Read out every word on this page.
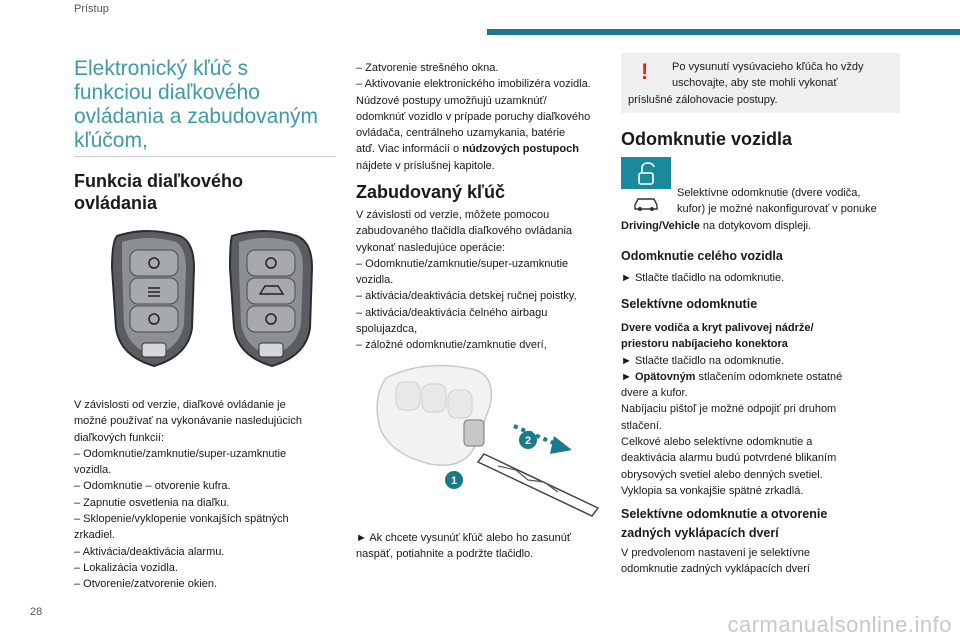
Prístup
Elektronický kľúč s
funkciou diaľkového
ovládania a zabudovaným
kľúčom,
Funkcia diaľkového
ovládania
V závislosti od verzie, diaľkové ovládanie je
možné používať na vykonávanie nasledujúcich
diaľkových funkcií:
– Odomknutie/zamknutie/super-uzamknutie
vozidla.
– Odomknutie – otvorenie kufra.
– Zapnutie osvetlenia na diaľku.
– Sklopenie/vyklopenie vonkajších spätných
zrkadiel.
– Aktivácia/deaktivácia alarmu.
– Lokalizácia vozidla.
– Otvorenie/zatvorenie okien.
– Zatvorenie strešného okna.
– Aktivovanie elektronického imobilizéra vozidla.
Núdzové postupy umožňujú uzamknúť/
odomknúť vozidlo v prípade poruchy diaľkového
ovládača, centrálneho uzamykania, batérie
atď. Viac informácií o núdzových postupoch
nájdete v príslušnej kapitole.
Zabudovaný kľúč
V závislosti od verzie, môžete pomocou
zabudovaného tlačidla diaľkového ovládania
vykonať nasledujúce operácie:
– Odomknutie/zamknutie/super-uzamknutie
vozidla.
– aktivácia/deaktivácia detskej ručnej poistky,
– aktivácia/deaktivácia čelného airbagu
spolujazdca,
– záložné odomknutie/zamknutie dverí,
2
1
► Ak chcete vysunúť kľúč alebo ho zasunúť
naspäť, potiahnite a podržte tlačidlo.
!	Po vysunutí vysúvacieho kľúča ho vždy
uschovajte, aby ste mohli vykonať
príslušné zálohovacie postupy.
Odomknutie vozidla
Selektívne odomknutie (dvere vodiča,
kufor) je možné nakonfigurovať v ponuke
Driving/Vehicle na dotykovom displeji.
Odomknutie celého vozidla
► Stlačte tlačidlo na odomknutie.
Selektívne odomknutie
Dvere vodiča a kryt palivovej nádrže/
priestoru nabíjacieho konektora
► Stlačte tlačidlo na odomknutie.
► Opätovným stlačením odomknete ostatné
dvere a kufor.
Nabíjaciu pištoľ je možné odpojiť pri druhom
stlačení.
Celkové alebo selektívne odomknutie a
deaktivácia alarmu budú potvrdené blikaním
obrysových svetiel alebo denných svetiel.
Vyklopia sa vonkajšie spätné zrkadlá.
Selektívne odomknutie a otvorenie
zadných vyklápacích dverí
V predvolenom nastavení je selektívne
odomknutie zadných vyklápacích dverí
28	carmanualsonline.info
